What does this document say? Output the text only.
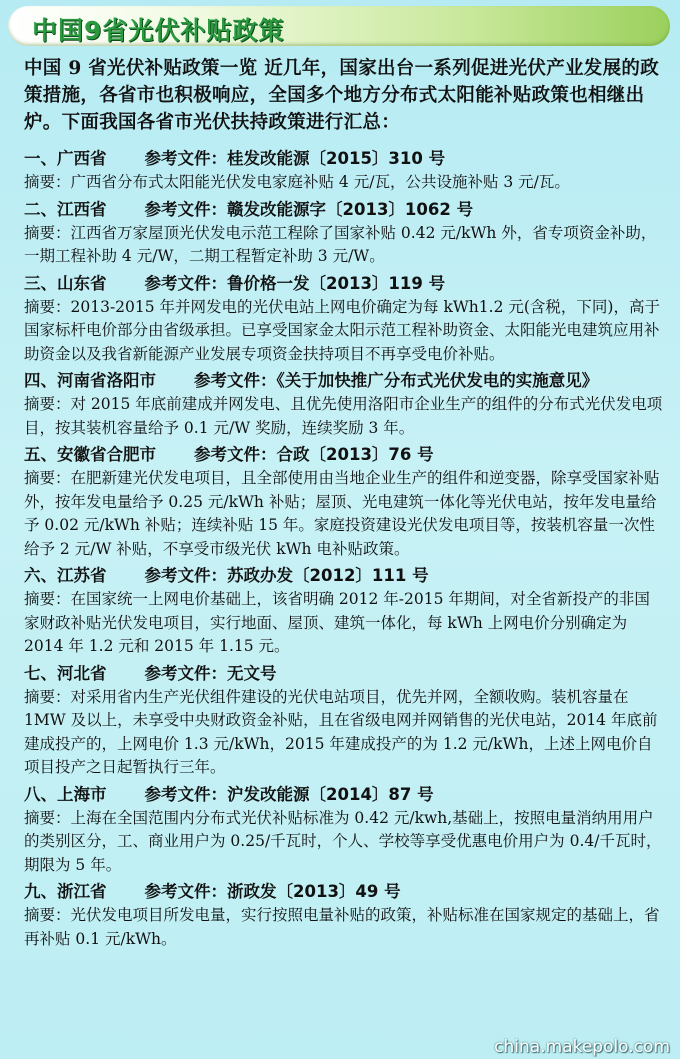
中国9省光伏补贴政策
中国 9 省光伏补贴政策一览 近几年，国家出台一系列促进光伏产业发展的政策措施，各省市也积极响应，全国多个地方分布式太阳能补贴政策也相继出炉。下面我国各省市光伏扶持政策进行汇总：
一、广西省 参考文件：桂发改能源〔2015〕310 号
摘要：广西省分布式太阳能光伏发电家庭补贴 4 元/瓦，公共设施补贴 3 元/瓦。
二、江西省 参考文件：赣发改能源字〔2013〕1062 号
摘要：江西省万家屋顶光伏发电示范工程除了国家补贴 0.42 元/kWh 外，省专项资金补助，一期工程补助 4 元/W，二期工程暂定补助 3 元/W。
三、山东省 参考文件：鲁价格一发〔2013〕119 号
摘要：2013-2015 年并网发电的光伏电站上网电价确定为每 kWh1.2 元(含税，下同)，高于国家标杆电价部分由省级承担。已享受国家金太阳示范工程补助资金、太阳能光电建筑应用补助资金以及我省新能源产业发展专项资金扶持项目不再享受电价补贴。
四、河南省洛阳市 参考文件：《关于加快推广分布式光伏发电的实施意见》
摘要：对 2015 年底前建成并网发电、且优先使用洛阳市企业生产的组件的分布式光伏发电项目，按其装机容量给予 0.1 元/W 奖励，连续奖励 3 年。
五、安徽省合肥市 参考文件：合政〔2013〕76 号
摘要：在肥新建光伏发电项目，且全部使用由当地企业生产的组件和逆变器，除享受国家补贴外，按年发电量给予 0.25 元/kWh 补贴；屋顶、光电建筑一体化等光伏电站，按年发电量给予 0.02 元/kWh 补贴；连续补贴 15 年。家庭投资建设光伏发电项目等，按装机容量一次性给予 2 元/W 补贴，不享受市级光伏 kWh 电补贴政策。
六、江苏省 参考文件：苏政办发〔2012〕111 号
摘要：在国家统一上网电价基础上，该省明确 2012 年-2015 年期间，对全省新投产的非国家财政补贴光伏发电项目，实行地面、屋顶、建筑一体化，每 kWh 上网电价分别确定为 2014 年 1.2 元和 2015 年 1.15 元。
七、河北省 参考文件：无文号
摘要：对采用省内生产光伏组件建设的光伏电站项目，优先并网，全额收购。装机容量在 1MW 及以上，未享受中央财政资金补贴，且在省级电网并网销售的光伏电站，2014 年底前建成投产的，上网电价 1.3 元/kWh，2015 年建成投产的为 1.2 元/kWh，上述上网电价自项目投产之日起暂执行三年。
八、上海市 参考文件：沪发改能源〔2014〕87 号
摘要：上海在全国范围内分布式光伏补贴标准为 0.42 元/kwh,基础上，按照电量消纳用用户的类别区分，工、商业用户为 0.25/千瓦时，个人、学校等享受优惠电价用户为 0.4/千瓦时，期限为 5 年。
九、浙江省 参考文件：浙政发〔2013〕49 号
摘要：光伏发电项目所发电量，实行按照电量补贴的政策，补贴标准在国家规定的基础上，省再补贴 0.1 元/kWh。
china.makepolo.com
